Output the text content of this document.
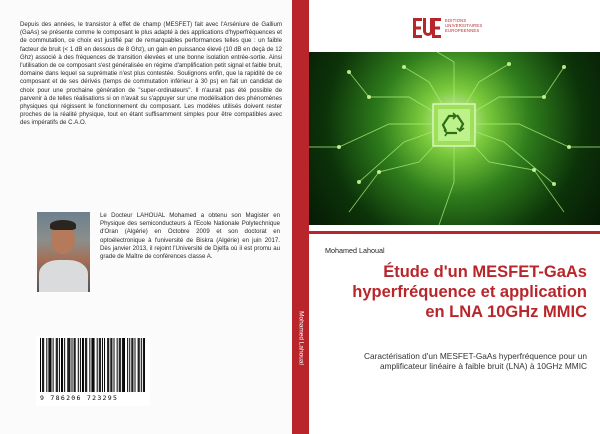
Depuis des années, le transistor à effet de champ (MESFET) fait avec l'Arséniure de Gallium (GaAs) se présente comme le composant le plus adapté à des applications d'hyperfréquences et de commutation, ce choix est justifié par de remarquables performances telles que : un faible facteur de bruit (< 1 dB en dessous de 8 Ghz), un gain en puissance élevé (10 dB en deçà de 12 Ghz) associé à des fréquences de transition élevées et une bonne isolation entrée-sortie. Ainsi l'utilisation de ce composant s'est généralisée en régime d'amplification petit signal et faible bruit, domaine dans lequel sa suprématie n'est plus contestée. Soulignons enfin, que la rapidité de ce composant et de ses dérivés (temps de commutation inférieur à 30 ps) en fait un candidat de choix pour une prochaine génération de "super-ordinateurs". Il n'aurait pas été possible de parvenir à de telles réalisations si on n'avait su s'appuyer sur une modélisation des phénomènes physiques qui régissent le fonctionnement du composant. Les modèles utilisés doivent rester proches de la réalité physique, tout en étant suffisamment simples pour être compatibles avec des impératifs de C.A.O.

Le Docteur LAHOUAL Mohamed a obtenu son Magister en Physique des semiconducteurs à l'Ecole Nationale Polytechnique d'Oran (Algérie) en Octobre 2009 et son doctorat en optoélectronique à l'université de Biskra (Algérie) en juin 2017. Dès janvier 2013, il rejoint l'Université de Djelfa où il est promu au grade de Maître de conférences classe A.

9 786206 723295
Mohamed Lahoual
EDITIONS
UNIVERSITAIRES
EUROPEENNES
Mohamed Lahoual
Étude d'un MESFET-GaAs hyperfréquence et application en LNA 10GHz MMIC

Caractérisation d'un MESFET-GaAs hyperfréquence pour un amplificateur linéaire à faible bruit (LNA) à 10GHz MMIC
